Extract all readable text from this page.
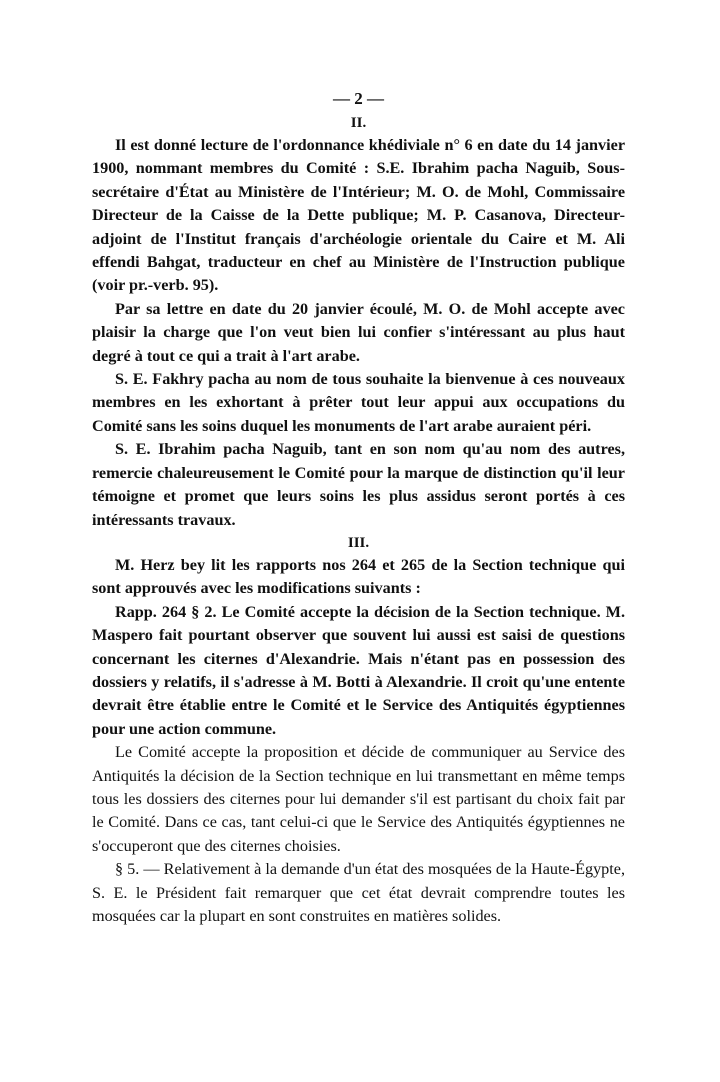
— 2 —
II.

Il est donné lecture de l'ordonnance khédiviale n° 6 en date du 14 janvier 1900, nommant membres du Comité : S.E. Ibrahim pacha Naguib, Sous-secrétaire d'État au Ministère de l'Intérieur; M. O. de Mohl, Commissaire Directeur de la Caisse de la Dette publique; M. P. Casanova, Directeur-adjoint de l'Institut français d'archéologie orientale du Caire et M. Ali effendi Bahgat, traducteur en chef au Ministère de l'Instruction publique (voir pr.-verb. 95).

Par sa lettre en date du 20 janvier écoulé, M. O. de Mohl accepte avec plaisir la charge que l'on veut bien lui confier s'intéressant au plus haut degré à tout ce qui a trait à l'art arabe.

S. E. Fakhry pacha au nom de tous souhaite la bienvenue à ces nouveaux membres en les exhortant à prêter tout leur appui aux occupations du Comité sans les soins duquel les monuments de l'art arabe auraient péri.

S. E. Ibrahim pacha Naguib, tant en son nom qu'au nom des autres, remercie chaleureusement le Comité pour la marque de distinction qu'il leur témoigne et promet que leurs soins les plus assidus seront portés à ces intéressants travaux.

III.

M. Herz bey lit les rapports nos 264 et 265 de la Section technique qui sont approuvés avec les modifications suivants :

Rapp. 264 § 2. Le Comité accepte la décision de la Section technique. M. Maspero fait pourtant observer que souvent lui aussi est saisi de questions concernant les citernes d'Alexandrie. Mais n'étant pas en possession des dossiers y relatifs, il s'adresse à M. Botti à Alexandrie. Il croit qu'une entente devrait être établie entre le Comité et le Service des Antiquités égyptiennes pour une action commune.

Le Comité accepte la proposition et décide de communiquer au Service des Antiquités la décision de la Section technique en lui transmettant en même temps tous les dossiers des citernes pour lui demander s'il est partisant du choix fait par le Comité. Dans ce cas, tant celui-ci que le Service des Antiquités égyptiennes ne s'occuperont que des citernes choisies.

§ 5. — Relativement à la demande d'un état des mosquées de la Haute-Égypte, S. E. le Président fait remarquer que cet état devrait comprendre toutes les mosquées car la plupart en sont construites en matières solides.
